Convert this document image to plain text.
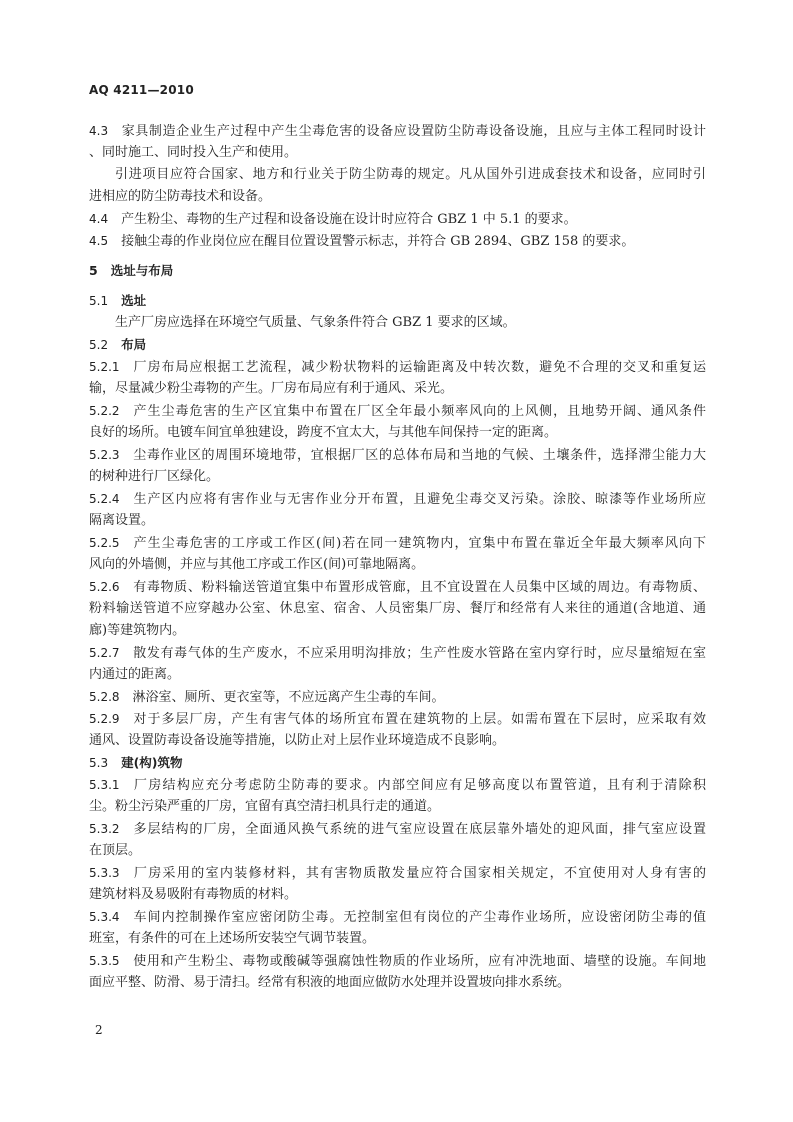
AQ 4211—2010
4.3  家具制造企业生产过程中产生尘毒危害的设备应设置防尘防毒设备设施，且应与主体工程同时设计
、同时施工、同时投入生产和使用。
引进项目应符合国家、地方和行业关于防尘防毒的规定。凡从国外引进成套技术和设备，应同时引
进相应的防尘防毒技术和设备。
4.4  产生粉尘、毒物的生产过程和设备设施在设计时应符合 GBZ 1 中 5.1 的要求。
4.5  接触尘毒的作业岗位应在醒目位置设置警示标志，并符合 GB 2894、GBZ 158 的要求。
5  选址与布局
5.1  选址
生产厂房应选择在环境空气质量、气象条件符合 GBZ 1 要求的区域。
5.2  布局
5.2.1  厂房布局应根据工艺流程，减少粉状物料的运输距离及中转次数，避免不合理的交叉和重复运
输，尽量减少粉尘毒物的产生。厂房布局应有利于通风、采光。
5.2.2  产生尘毒危害的生产区宜集中布置在厂区全年最小频率风向的上风侧，且地势开阔、通风条件
良好的场所。电镀车间宜单独建设，跨度不宜太大，与其他车间保持一定的距离。
5.2.3  尘毒作业区的周围环境地带，宜根据厂区的总体布局和当地的气候、土壤条件，选择滞尘能力大
的树种进行厂区绿化。
5.2.4  生产区内应将有害作业与无害作业分开布置，且避免尘毒交叉污染。涂胶、晾漆等作业场所应
隔离设置。
5.2.5  产生尘毒危害的工序或工作区(间)若在同一建筑物内，宜集中布置在靠近全年最大频率风向下
风向的外墙侧，并应与其他工序或工作区(间)可靠地隔离。
5.2.6  有毒物质、粉料输送管道宜集中布置形成管廊，且不宜设置在人员集中区域的周边。有毒物质、
粉料输送管道不应穿越办公室、休息室、宿舍、人员密集厂房、餐厅和经常有人来往的通道(含地道、通
廊)等建筑物内。
5.2.7  散发有毒气体的生产废水，不应采用明沟排放；生产性废水管路在室内穿行时，应尽量缩短在室
内通过的距离。
5.2.8  淋浴室、厕所、更衣室等，不应远离产生尘毒的车间。
5.2.9  对于多层厂房，产生有害气体的场所宜布置在建筑物的上层。如需布置在下层时，应采取有效
通风、设置防毒设备设施等措施，以防止对上层作业环境造成不良影响。
5.3  建(构)筑物
5.3.1  厂房结构应充分考虑防尘防毒的要求。内部空间应有足够高度以布置管道，且有利于清除积
尘。粉尘污染严重的厂房，宜留有真空清扫机具行走的通道。
5.3.2  多层结构的厂房，全面通风换气系统的进气室应设置在底层靠外墙处的迎风面，排气室应设置
在顶层。
5.3.3  厂房采用的室内装修材料，其有害物质散发量应符合国家相关规定，不宜使用对人身有害的
建筑材料及易吸附有毒物质的材料。
5.3.4  车间内控制操作室应密闭防尘毒。无控制室但有岗位的产尘毒作业场所，应设密闭防尘毒的值
班室，有条件的可在上述场所安装空气调节装置。
5.3.5  使用和产生粉尘、毒物或酸碱等强腐蚀性物质的作业场所，应有冲洗地面、墙壁的设施。车间地
面应平整、防滑、易于清扫。经常有积液的地面应做防水处理并设置坡向排水系统。
2
